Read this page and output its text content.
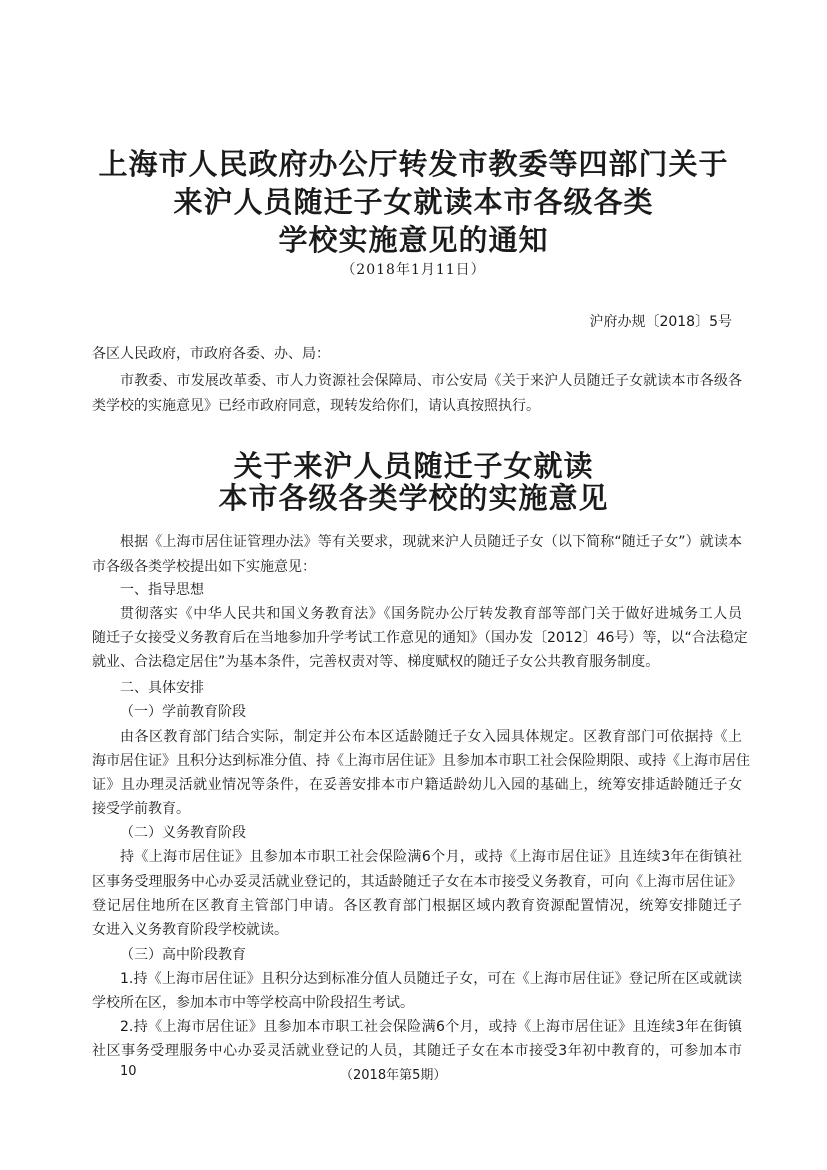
上海市人民政府办公厅转发市教委等四部门关于
来沪人员随迁子女就读本市各级各类
学校实施意见的通知
（2018年1月11日）
沪府办规〔2018〕5号
各区人民政府，市政府各委、办、局：
市教委、市发展改革委、市人力资源社会保障局、市公安局《关于来沪人员随迁子女就读本市各级各
类学校的实施意见》已经市政府同意，现转发给你们，请认真按照执行。
关于来沪人员随迁子女就读
本市各级各类学校的实施意见
根据《上海市居住证管理办法》等有关要求，现就来沪人员随迁子女（以下简称“随迁子女”）就读本
市各级各类学校提出如下实施意见：
一、指导思想
贯彻落实《中华人民共和国义务教育法》《国务院办公厅转发教育部等部门关于做好进城务工人员
随迁子女接受义务教育后在当地参加升学考试工作意见的通知》（国办发〔2012〕46号）等，以“合法稳定
就业、合法稳定居住”为基本条件，完善权责对等、梯度赋权的随迁子女公共教育服务制度。
二、具体安排
（一）学前教育阶段
由各区教育部门结合实际，制定并公布本区适龄随迁子女入园具体规定。区教育部门可依据持《上
海市居住证》且积分达到标准分值、持《上海市居住证》且参加本市职工社会保险期限、或持《上海市居住
证》且办理灵活就业情况等条件，在妥善安排本市户籍适龄幼儿入园的基础上，统筹安排适龄随迁子女
接受学前教育。
（二）义务教育阶段
持《上海市居住证》且参加本市职工社会保险满6个月，或持《上海市居住证》且连续3年在街镇社
区事务受理服务中心办妥灵活就业登记的，其适龄随迁子女在本市接受义务教育，可向《上海市居住证》
登记居住地所在区教育主管部门申请。各区教育部门根据区域内教育资源配置情况，统筹安排随迁子
女进入义务教育阶段学校就读。
（三）高中阶段教育
1.持《上海市居住证》且积分达到标准分值人员随迁子女，可在《上海市居住证》登记所在区或就读
学校所在区，参加本市中等学校高中阶段招生考试。
2.持《上海市居住证》且参加本市职工社会保险满6个月，或持《上海市居住证》且连续3年在街镇
社区事务受理服务中心办妥灵活就业登记的人员，其随迁子女在本市接受3年初中教育的，可参加本市
10	（2018年第5期）
